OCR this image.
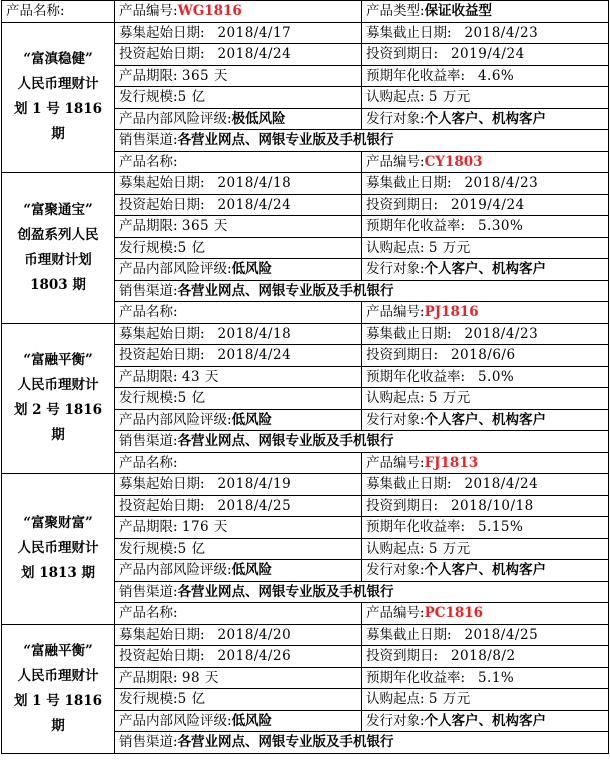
产品名称:	产品编号:WG1816	产品类型:保证收益型	

“富滇稳健”
人民币理财计
划 1 号 1816 期	募集起始日期: 2018/4/17	募集截止日期: 2018/4/23	
	投资起始日期: 2018/4/24	投资到期日: 2019/4/24	
	产品期限: 365 天	预期年化收益率: 4.6%	
	发行规模:5 亿	认购起点: 5 万元	
	产品内部风险评级:极低风险	发行对象:个人客户、机构客户	
	销售渠道:各营业网点、网银专业版及手机银行		
	产品名称:	产品编号:CY1803	

“富聚通宝”
创盈系列人民
币理财计划
1803 期	募集起始日期: 2018/4/18	募集截止日期: 2018/4/23	
	投资起始日期: 2018/4/24	投资到期日: 2019/4/24	
	产品期限: 365 天	预期年化收益率: 5.30%	
	发行规模:5 亿	认购起点: 5 万元	
	产品内部风险评级:低风险	发行对象:个人客户、机构客户	
	销售渠道:各营业网点、网银专业版及手机银行		
	产品名称:	产品编号:PJ1816	

“富融平衡”
人民币理财计
划 2 号 1816 期	募集起始日期: 2018/4/18	募集截止日期: 2018/4/23	
	投资起始日期: 2018/4/24	投资到期日: 2018/6/6	
	产品期限: 43 天	预期年化收益率: 5.0%	
	发行规模:5 亿	认购起点: 5 万元	
	产品内部风险评级:低风险	发行对象:个人客户、机构客户	
	销售渠道:各营业网点、网银专业版及手机银行		
	产品名称:	产品编号:FJ1813	

“富聚财富”
人民币理财计
划 1813 期	募集起始日期: 2018/4/19	募集截止日期: 2018/4/24	
	投资起始日期: 2018/4/25	投资到期日: 2018/10/18	
	产品期限: 176 天	预期年化收益率: 5.15%	
	发行规模:5 亿	认购起点: 5 万元	
	产品内部风险评级:低风险	发行对象:个人客户、机构客户	
	销售渠道:各营业网点、网银专业版及手机银行		
	产品名称:	产品编号:PC1816	

“富融平衡”
人民币理财计
划 1 号 1816 期	募集起始日期: 2018/4/20	募集截止日期: 2018/4/25	
	投资起始日期: 2018/4/26	投资到期日: 2018/8/2	
	产品期限: 98 天	预期年化收益率: 5.1%	
	发行规模:5 亿	认购起点: 5 万元	
	产品内部风险评级:低风险	发行对象:个人客户、机构客户	
	销售渠道:各营业网点、网银专业版及手机银行		
